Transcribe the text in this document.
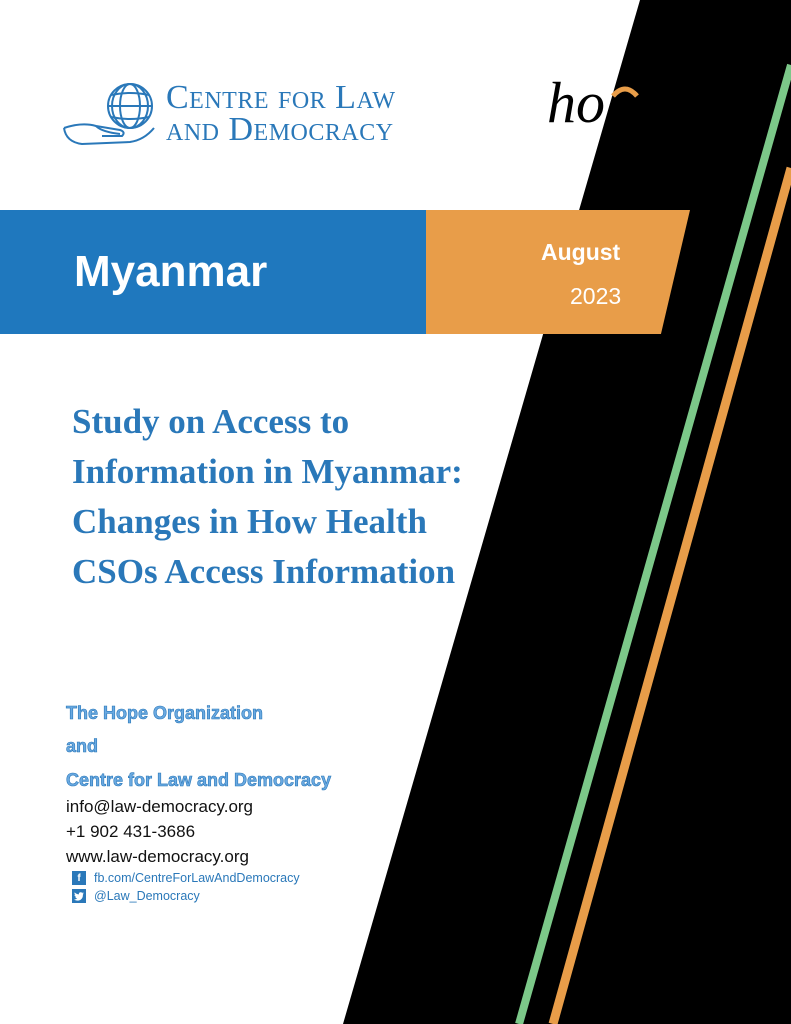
Centre for Law
and Democracy	ho
Myanmar	August
2023
Study on Access to
Information in Myanmar:
Changes in How Health
CSOs Access Information
The Hope Organization
and
Centre for Law and Democracy
info@law-democracy.org
+1 902 431-3686
www.law-democracy.org
f	fb.com/CentreForLawAndDemocracy
@Law_Democracy
